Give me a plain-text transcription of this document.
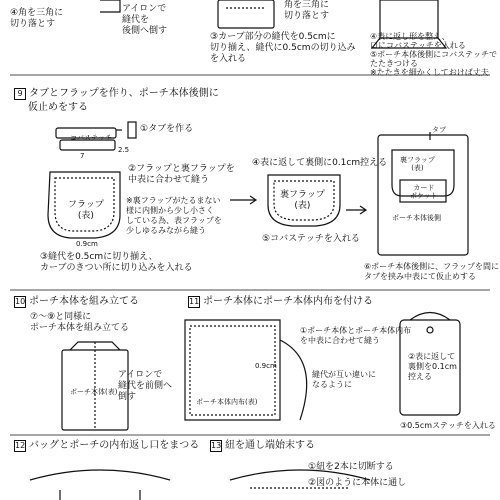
④角を三角に
切り落とす
アイロンで
縫代を
後側へ倒す
角を三角に
切り落とす
③カーブ部分の縫代を0.5cmに
切り揃え、縫代に0.5cmの切り込み
を入れる
④表に返し形を整え、
口にコバステッチを入れる
⑤ポーチ本体後側にコバステッチで
たたきつける
※たたきを細かくしておけば丈夫
9 タブとフラップを作り、ポーチ本体後側に
仮止めをする
①タブを作る
コバステッチ
2.5
7
②フラップと裏フラップを
中表に合わせて縫う
フラップ
(表)
0.9cm
※裏フラップがたるまない
様に内側から少し小さく
している為、表フラップを
少しゆるみながら縫う
③縫代を0.5cmに切り揃え、
カーブのきつい所に切り込みを入れる
④表に返して裏側に0.1cm控える
裏フラップ
(表)
⑤コバステッチを入れる
タブ
裏フラップ
(表)
カード
ポケット
ポーチ本体後側
⑥ポーチ本体後側に、フラップを間に
タブを挟み中表にて仮止めする
10 ポーチ本体を組み立てる
⑦〜⑨と同様に
ポーチ本体を組み立てる
アイロンで
縫代を前側へ
倒す
ポーチ本体(表)
11 ポーチ本体にポーチ本体内布を付ける
0.9cm
ポーチ本体内布(表)
①ポーチ本体とポーチ本体内布
を中表に合わせて縫う
縫代が互い違いに
なるように
②表に返して
裏側を0.1cm
控える
③0.5cmステッチを入れる
12 バッグとポーチの内布返し口をまつる 13 紐を通し端始末する
①紐を2本に切断する
②図のように本体に通し
